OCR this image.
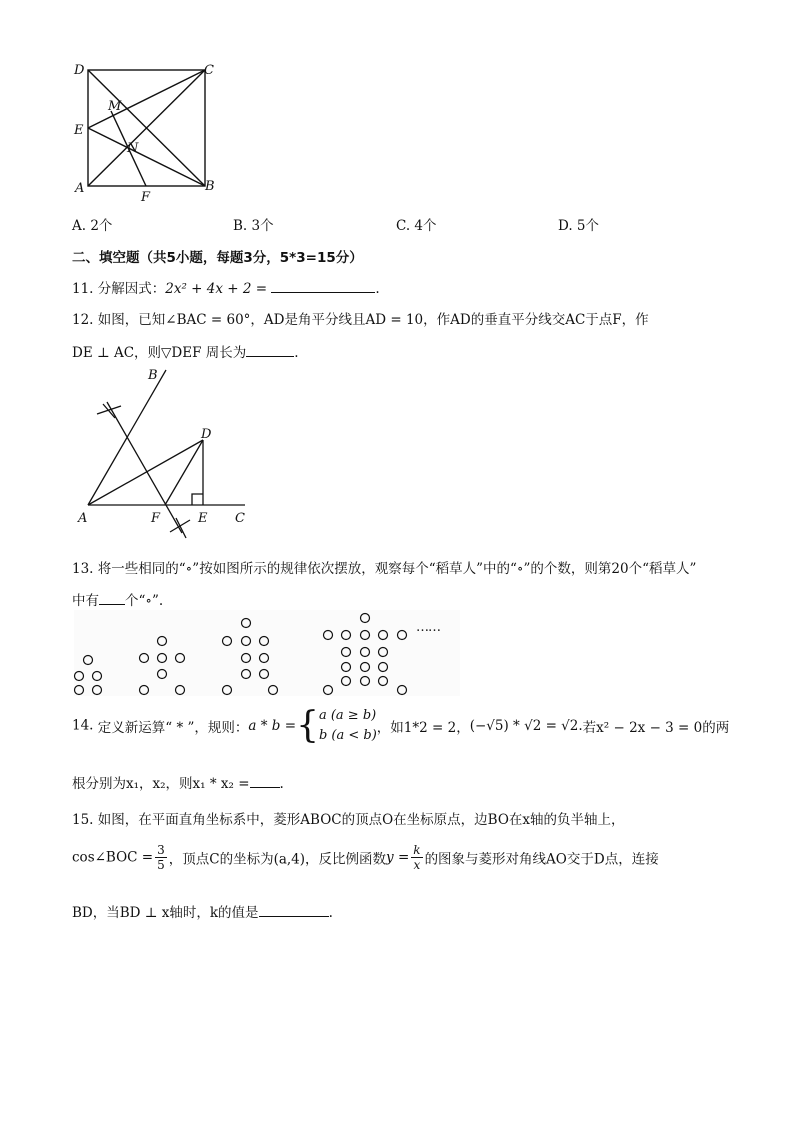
D	C
M
E
N
A
F
B
A. 2个	B. 3个	C. 4个	D. 5个
二、填空题（共5小题，每题3分，5*3=15分）
11. 分解因式：2x² + 4x + 2 =	.
12. 如图，已知∠BAC = 60°，AD是角平分线且AD = 10，作AD的垂直平分线交AC于点F，作
DE ⊥ AC，则▽DEF 周长为	.
B
D
A	F	E C
13. 将一些相同的“∘”按如图所示的规律依次摆放，观察每个“稻草人”中的“∘”的个数，则第20个“稻草人”
中有 个“∘”.
……
14. 定义新运算“ * ”，规则：a * b ={ a (a ≥ b)
b (a < b) ，如1*2 = 2，(−√5) * √2 = √2.若x² − 2x − 3 = 0的两
根分别为x₁，x₂，则x₁ * x₂ = .
15. 如图，在平面直角坐标系中，菱形ABOC的顶点O在坐标原点，边BO在x轴的负半轴上，
cos∠BOC = $\frac{3}{5}$ ，顶点C的坐标为(a,4)，反比例函数$y = \frac{k}{x}$ 的图象与菱形对角线AO交于D点，连接
BD，当BD ⊥ x轴时，k的值是	.
